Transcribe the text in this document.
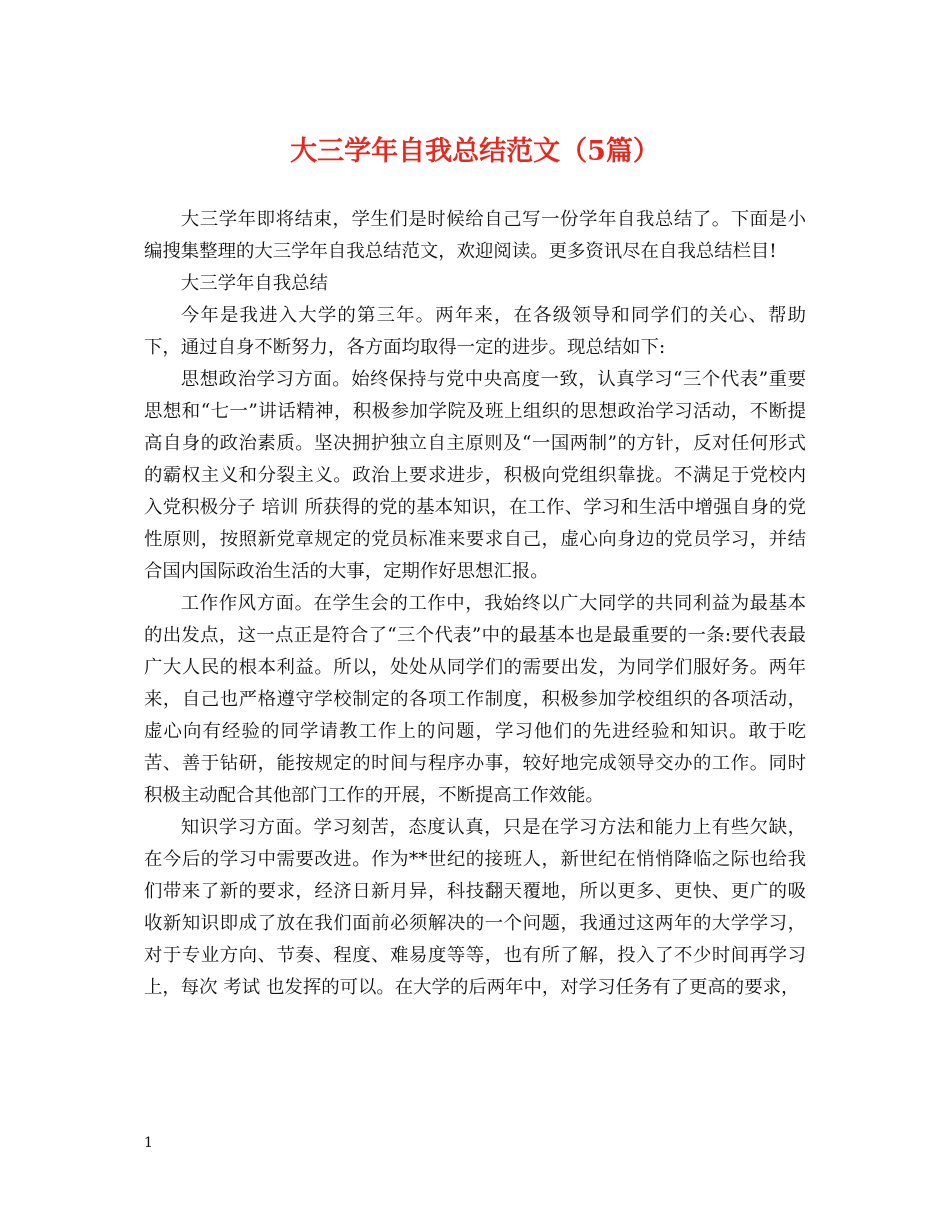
大三学年自我总结范文（5篇）

大三学年即将结束，学生们是时候给自己写一份学年自我总结了。下面是小编搜集整理的大三学年自我总结范文，欢迎阅读。更多资讯尽在自我总结栏目!

大三学年自我总结

今年是我进入大学的第三年。两年来，在各级领导和同学们的关心、帮助下，通过自身不断努力，各方面均取得一定的进步。现总结如下:

思想政治学习方面。始终保持与党中央高度一致，认真学习“三个代表”重要思想和“七一”讲话精神，积极参加学院及班上组织的思想政治学习活动，不断提高自身的政治素质。坚决拥护独立自主原则及“一国两制”的方针，反对任何形式的霸权主义和分裂主义。政治上要求进步，积极向党组织靠拢。不满足于党校内入党积极分子 培训 所获得的党的基本知识，在工作、学习和生活中增强自身的党性原则，按照新党章规定的党员标准来要求自己，虚心向身边的党员学习，并结合国内国际政治生活的大事，定期作好思想汇报。

工作作风方面。在学生会的工作中，我始终以广大同学的共同利益为最基本的出发点，这一点正是符合了“三个代表”中的最基本也是最重要的一条:要代表最广大人民的根本利益。所以，处处从同学们的需要出发，为同学们服好务。两年来，自己也严格遵守学校制定的各项工作制度，积极参加学校组织的各项活动，虚心向有经验的同学请教工作上的问题，学习他们的先进经验和知识。敢于吃苦、善于钻研，能按规定的时间与程序办事，较好地完成领导交办的工作。同时积极主动配合其他部门工作的开展，不断提高工作效能。

知识学习方面。学习刻苦，态度认真，只是在学习方法和能力上有些欠缺，在今后的学习中需要改进。作为**世纪的接班人，新世纪在悄悄降临之际也给我们带来了新的要求，经济日新月异，科技翻天覆地，所以更多、更快、更广的吸收新知识即成了放在我们面前必须解决的一个问题，我通过这两年的大学学习，对于专业方向、节奏、程度、难易度等等，也有所了解，投入了不少时间再学习上，每次 考试 也发挥的可以。在大学的后两年中，对学习任务有了更高的要求，

1
